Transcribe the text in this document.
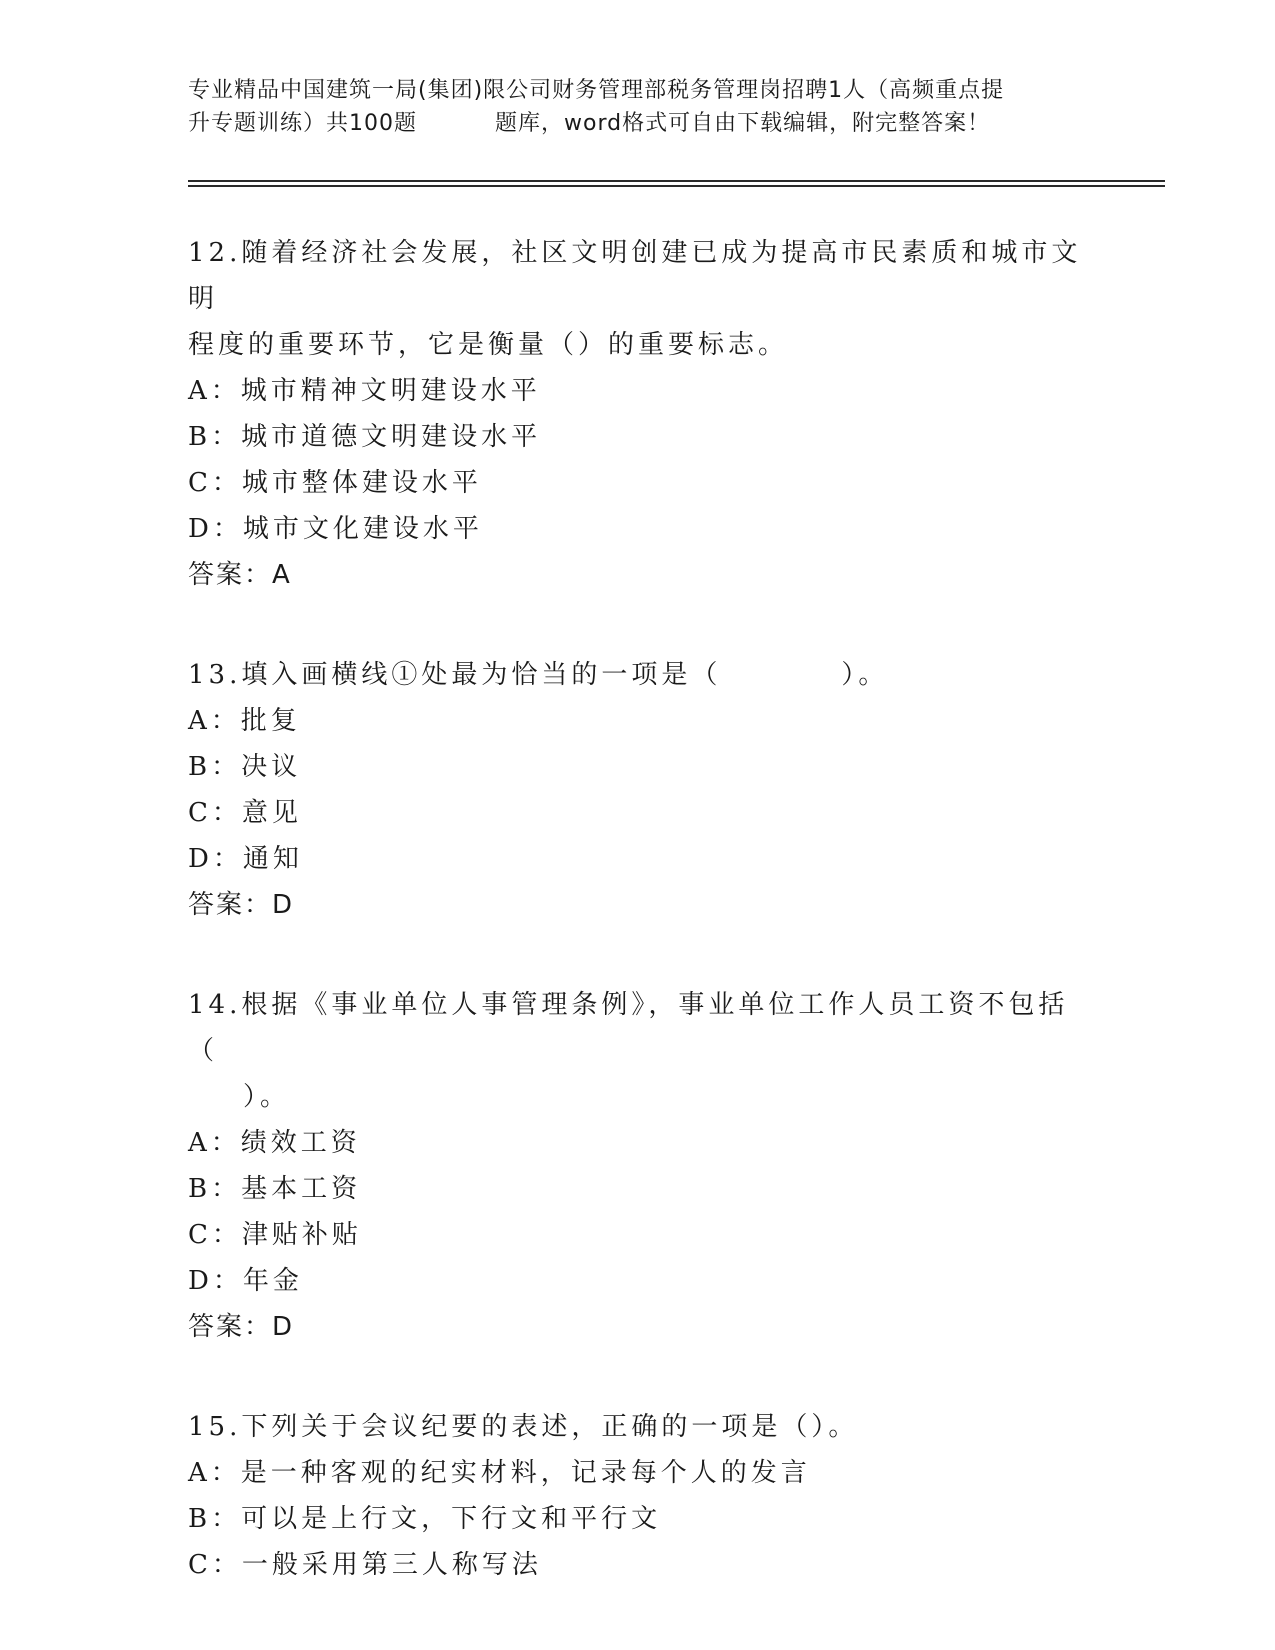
专业精品中国建筑一局(集团)限公司财务管理部税务管理岗招聘1人（高频重点提
升专题训练）共100题	题库，word格式可自由下载编辑，附完整答案！

12.随着经济社会发展，社区文明创建已成为提高市民素质和城市文明

程度的重要环节，它是衡量（）的重要标志。

A：城市精神文明建设水平

B：城市道德文明建设水平

C：城市整体建设水平

D：城市文化建设水平

答案：A

13.填入画横线①处最为恰当的一项是（	）。

A：批复

B：决议

C：意见

D：通知

答案：D

14.根据《事业单位人事管理条例》，事业单位工作人员工资不包括（

）。

A：绩效工资

B：基本工资

C：津贴补贴

D：年金

答案：D

15.下列关于会议纪要的表述，正确的一项是（）。

A：是一种客观的纪实材料，记录每个人的发言

B：可以是上行文，下行文和平行文

C：一般采用第三人称写法
